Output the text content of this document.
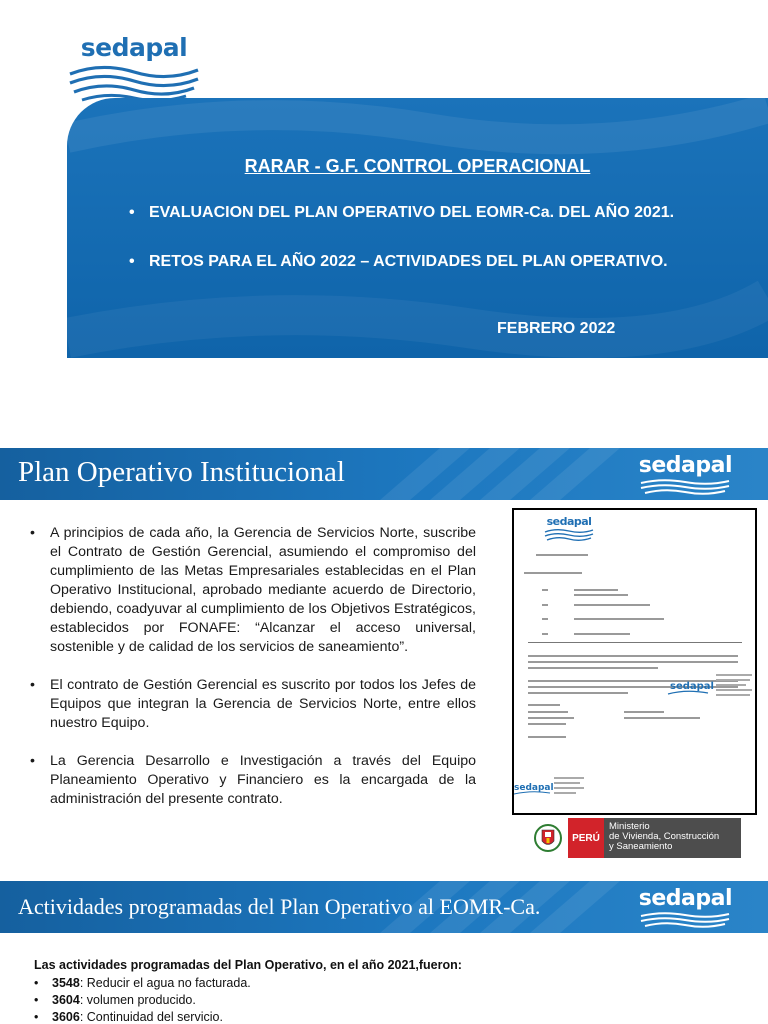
sedapal
RARAR - G.F. CONTROL OPERACIONAL
• EVALUACION DEL PLAN OPERATIVO DEL EOMR-Ca. DEL AÑO 2021.
• RETOS PARA EL AÑO 2022 – ACTIVIDADES DEL PLAN OPERATIVO.
FEBRERO 2022
Plan Operativo Institucional	sedapal
•	A principios de cada año, la Gerencia de Servicios Norte, suscribe el Contrato de Gestión Gerencial, asumiendo el compromiso del cumplimiento de las Metas Empresariales establecidas en el Plan Operativo Institucional, aprobado mediante acuerdo de Directorio, debiendo, coadyuvar al cumplimiento de los Objetivos Estratégicos, establecidos por FONAFE: “Alcanzar el acceso universal, sostenible y de calidad de los servicios de saneamiento”.
•	El contrato de Gestión Gerencial es suscrito por todos los Jefes de Equipos que integran la Gerencia de Servicios Norte, entre ellos nuestro Equipo.
•	La Gerencia Desarrollo e Investigación a través del Equipo Planeamiento Operativo y Financiero es la encargada de la administración del presente contrato.
sedapal
sedapal
sedapal
PERÚ
Ministerio
de Vivienda, Construcción
y Saneamiento
Actividades programadas del Plan Operativo al EOMR-Ca.	sedapal
Las actividades programadas del Plan Operativo, en el año 2021,fueron:
•	3548 : Reducir el agua no facturada.
•	3604 : volumen producido.
•	3606 : Continuidad del servicio.
